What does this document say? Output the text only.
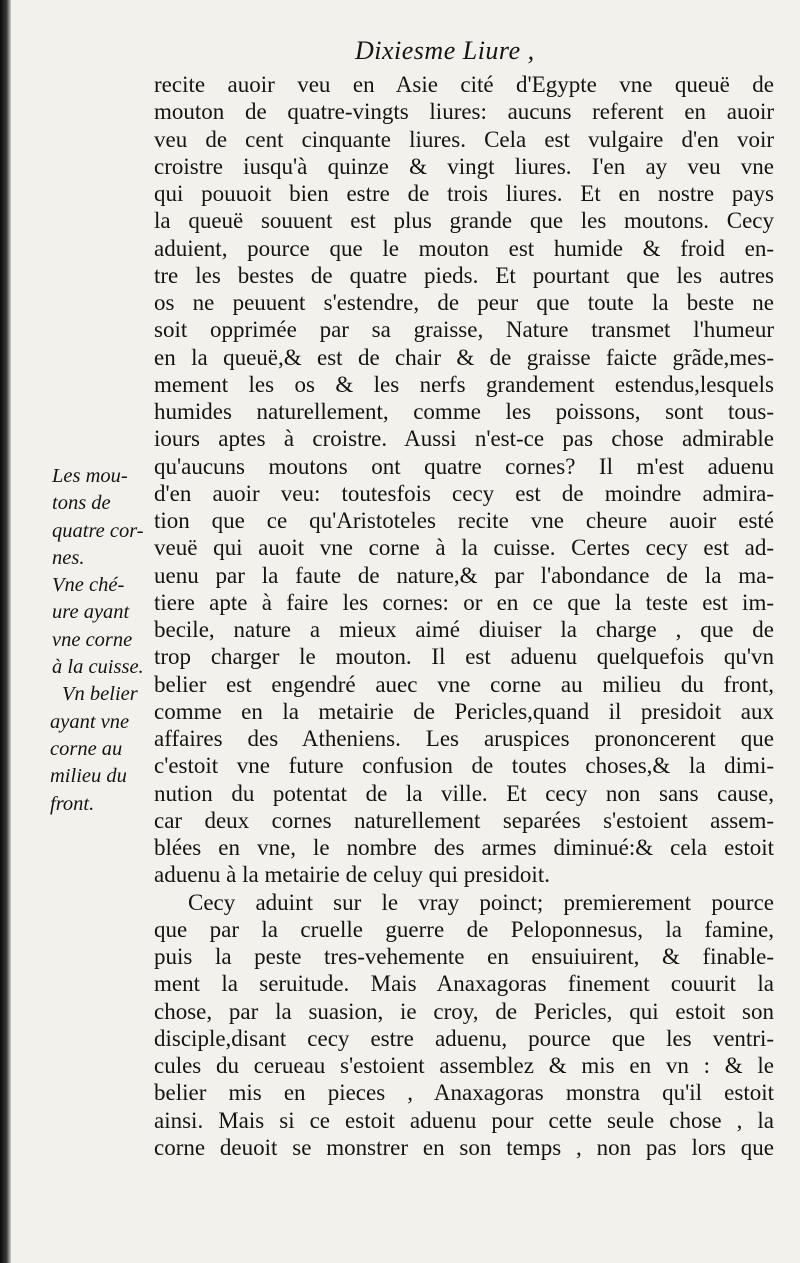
Dixiesme Liure ,
Les mou-
tons de
quatre cor-
nes.
Vne ché-
ure ayant
vne corne
à la cuisse.
Vn belier
ayant vne
corne au
milieu du
front.
recite auoir veu en Asie cité d'Egypte vne queuë de
mouton de quatre-vingts liures: aucuns referent en auoir
veu de cent cinquante liures. Cela est vulgaire d'en voir
croistre iusqu'à quinze & vingt liures. I'en ay veu vne
qui pouuoit bien estre de trois liures. Et en nostre pays
la queuë souuent est plus grande que les moutons. Cecy
aduient, pource que le mouton est humide & froid en-
tre les bestes de quatre pieds. Et pourtant que les autres
os ne peuuent s'estendre, de peur que toute la beste ne
soit opprimée par sa graisse, Nature transmet l'humeur
en la queuë,& est de chair & de graisse faicte grãde,mes-
mement les os & les nerfs grandement estendus,lesquels
humides naturellement, comme les poissons, sont tous-
iours aptes à croistre. Aussi n'est-ce pas chose admirable
qu'aucuns moutons ont quatre cornes? Il m'est aduenu
d'en auoir veu: toutesfois cecy est de moindre admira-
tion que ce qu'Aristoteles recite vne cheure auoir esté
veuë qui auoit vne corne à la cuisse. Certes cecy est ad-
uenu par la faute de nature,& par l'abondance de la ma-
tiere apte à faire les cornes: or en ce que la teste est im-
becile, nature a mieux aimé diuiser la charge , que de
trop charger le mouton. Il est aduenu quelquefois qu'vn
belier est engendré auec vne corne au milieu du front,
comme en la metairie de Pericles,quand il presidoit aux
affaires des Atheniens. Les aruspices prononcerent que
c'estoit vne future confusion de toutes choses,& la dimi-
nution du potentat de la ville. Et cecy non sans cause,
car deux cornes naturellement separées s'estoient assem-
blées en vne, le nombre des armes diminué:& cela estoit
aduenu à la metairie de celuy qui presidoit.
Cecy aduint sur le vray poinct; premierement pource
que par la cruelle guerre de Peloponnesus, la famine,
puis la peste tres-vehemente en ensuiuirent, & finable-
ment la seruitude. Mais Anaxagoras finement couurit la
chose, par la suasion, ie croy, de Pericles, qui estoit son
disciple,disant cecy estre aduenu, pource que les ventri-
cules du cerueau s'estoient assemblez & mis en vn : & le
belier mis en pieces , Anaxagoras monstra qu'il estoit
ainsi. Mais si ce estoit aduenu pour cette seule chose , la
corne deuoit se monstrer en son temps , non pas lors que
